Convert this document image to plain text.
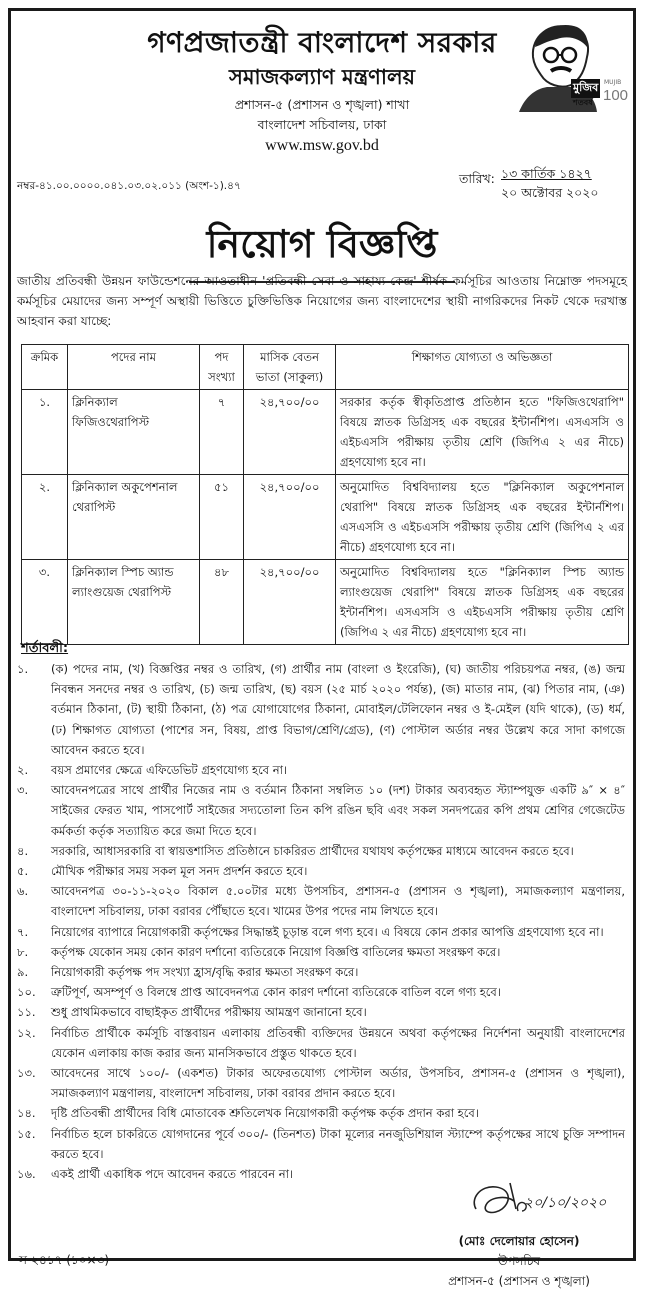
গণপ্রজাতন্ত্রী বাংলাদেশ সরকার
সমাজকল্যাণ মন্ত্রণালয়
প্রশাসন-৫ (প্রশাসন ও শৃঙ্খলা) শাখা
বাংলাদেশ সচিবালয়, ঢাকা
www.msw.gov.bd
মুজিব
শতবর্ষ
MUJIB
100
নম্বর-৪১.০০.০০০০.০৪১.০৩.০২.০১১ (অংশ-১).৪৭	তারিখ: ১৩ কার্তিক ১৪২৭
২০ অক্টোবর ২০২০
নিয়োগ বিজ্ঞপ্তি
জাতীয় প্রতিবন্ধী উন্নয়ন ফাউন্ডেশনের আওতাধীন 'প্রতিবন্ধী সেবা ও সাহায্য কেন্দ্র' শীর্ষক কর্মসূচির আওতায় নিম্নোক্ত পদসমূহে কর্মসূচির মেয়াদের জন্য সম্পূর্ণ অস্থায়ী ভিত্তিতে চুক্তিভিত্তিক নিয়োগের জন্য বাংলাদেশের স্থায়ী নাগরিকদের নিকট থেকে দরখাস্ত আহবান করা যাচ্ছে:
ক্রমিক	পদের নাম	পদ সংখ্যা	মাসিক বেতন ভাতা (সাকুল্য)	শিক্ষাগত যোগ্যতা ও অভিজ্ঞতা
১.	ক্লিনিক্যাল ফিজিওথেরাপিস্ট	৭	২৪,৭০০/০০	সরকার কর্তৃক স্বীকৃতিপ্রাপ্ত প্রতিষ্ঠান হতে "ফিজিওথেরাপি" বিষয়ে স্নাতক ডিগ্রিসহ এক বছরের ইন্টার্নশিপ। এসএসসি ও এইচএসসি পরীক্ষায় তৃতীয় শ্রেণি (জিপিএ ২ এর নীচে) গ্রহণযোগ্য হবে না।
২.	ক্লিনিক্যাল অকুপেশনাল থেরাপিস্ট	৫১	২৪,৭০০/০০	অনুমোদিত বিশ্ববিদ্যালয় হতে "ক্লিনিক্যাল অকুপেশনাল থেরাপি" বিষয়ে স্নাতক ডিগ্রিসহ এক বছরের ইন্টার্নশিপ। এসএসসি ও এইচএসসি পরীক্ষায় তৃতীয় শ্রেণি (জিপিএ ২ এর নীচে) গ্রহণযোগ্য হবে না।
৩.	ক্লিনিক্যাল স্পিচ অ্যান্ড ল্যাংগুয়েজ থেরাপিস্ট	৪৮	২৪,৭০০/০০	অনুমোদিত বিশ্ববিদ্যালয় হতে "ক্লিনিক্যাল স্পিচ অ্যান্ড ল্যাংগুয়েজ থেরাপি" বিষয়ে স্নাতক ডিগ্রিসহ এক বছরের ইন্টার্নশিপ। এসএসসি ও এইচএসসি পরীক্ষায় তৃতীয় শ্রেণি (জিপিএ ২ এর নীচে) গ্রহণযোগ্য হবে না।
শর্তাবলী:
১.	(ক) পদের নাম, (খ) বিজ্ঞপ্তির নম্বর ও তারিখ, (গ) প্রার্থীর নাম (বাংলা ও ইংরেজি), (ঘ) জাতীয় পরিচয়পত্র নম্বর, (ঙ) জন্ম নিবন্ধন সনদের নম্বর ও তারিখ, (চ) জন্ম তারিখ, (ছ) বয়স (২৫ মার্চ ২০২০ পর্যন্ত), (জ) মাতার নাম, (ঝ) পিতার নাম, (ঞ) বর্তমান ঠিকানা, (ট) স্থায়ী ঠিকানা, (ঠ) পত্র যোগাযোগের ঠিকানা, মোবাইল/টেলিফোন নম্বর ও ই-মেইল (যদি থাকে), (ড) ধর্ম, (ঢ) শিক্ষাগত যোগ্যতা (পাশের সন, বিষয়, প্রাপ্ত বিভাগ/শ্রেণি/গ্রেড), (ণ) পোস্টাল অর্ডার নম্বর উল্লেখ করে সাদা কাগজে আবেদন করতে হবে।
২.	বয়স প্রমাণের ক্ষেত্রে এফিডেভিট গ্রহণযোগ্য হবে না।
৩.	আবেদনপত্রের সাথে প্রার্থীর নিজের নাম ও বর্তমান ঠিকানা সম্বলিত ১০ (দশ) টাকার অব্যবহৃত স্ট্যাম্পযুক্ত একটি ৯″ × ৪″ সাইজের ফেরত খাম, পাসপোর্ট সাইজের সদ্যতোলা তিন কপি রঙিন ছবি এবং সকল সনদপত্রের কপি প্রথম শ্রেণির গেজেটেড কর্মকর্তা কর্তৃক সত্যায়িত করে জমা দিতে হবে।
৪.	সরকারি, আধাসরকারি বা স্বায়ত্তশাসিত প্রতিষ্ঠানে চাকরিরত প্রার্থীদের যথাযথ কর্তৃপক্ষের মাধ্যমে আবেদন করতে হবে।
৫.	মৌখিক পরীক্ষার সময় সকল মূল সনদ প্রদর্শন করতে হবে।
৬.	আবেদনপত্র ৩০-১১-২০২০ বিকাল ৫.০০টার মধ্যে উপসচিব, প্রশাসন-৫ (প্রশাসন ও শৃঙ্খলা), সমাজকল্যাণ মন্ত্রণালয়, বাংলাদেশ সচিবালয়, ঢাকা বরাবর পৌঁছাতে হবে। খামের উপর পদের নাম লিখতে হবে।
৭.	নিয়োগের ব্যাপারে নিয়োগকারী কর্তৃপক্ষের সিদ্ধান্তই চূড়ান্ত বলে গণ্য হবে। এ বিষয়ে কোন প্রকার আপত্তি গ্রহণযোগ্য হবে না।
৮.	কর্তৃপক্ষ যেকোন সময় কোন কারণ দর্শানো ব্যতিরেকে নিয়োগ বিজ্ঞপ্তি বাতিলের ক্ষমতা সংরক্ষণ করে।
৯.	নিয়োগকারী কর্তৃপক্ষ পদ সংখ্যা হ্রাস/বৃদ্ধি করার ক্ষমতা সংরক্ষণ করে।
১০.	ত্রুটিপূর্ণ, অসম্পূর্ণ ও বিলম্বে প্রাপ্ত আবেদনপত্র কোন কারণ দর্শানো ব্যতিরেকে বাতিল বলে গণ্য হবে।
১১.	শুধু প্রাথমিকভাবে বাছাইকৃত প্রার্থীদের পরীক্ষায় আমন্ত্রণ জানানো হবে।
১২.	নির্বাচিত প্রার্থীকে কর্মসূচি বাস্তবায়ন এলাকায় প্রতিবন্ধী ব্যক্তিদের উন্নয়নে অথবা কর্তৃপক্ষের নির্দেশনা অনুযায়ী বাংলাদেশের যেকোন এলাকায় কাজ করার জন্য মানসিকভাবে প্রস্তুত থাকতে হবে।
১৩.	আবেদনের সাথে ১০০/- (একশত) টাকার অফেরতযোগ্য পোস্টাল অর্ডার, উপসচিব, প্রশাসন-৫ (প্রশাসন ও শৃঙ্খলা), সমাজকল্যাণ মন্ত্রণালয়, বাংলাদেশ সচিবালয়, ঢাকা বরাবর প্রদান করতে হবে।
১৪.	দৃষ্টি প্রতিবন্ধী প্রার্থীদের বিধি মোতাবেক শ্রুতিলেখক নিয়োগকারী কর্তৃপক্ষ কর্তৃক প্রদান করা হবে।
১৫.	নির্বাচিত হলে চাকরিতে যোগদানের পূর্বে ৩০০/- (তিনশত) টাকা মূল্যের ননজুডিশিয়াল স্ট্যাম্পে কর্তৃপক্ষের সাথে চুক্তি সম্পাদন করতে হবে।
১৬.	একই প্রার্থী একাধিক পদে আবেদন করতে পারবেন না।
২০/১০/২০২০
(মোঃ দেলোয়ার হোসেন)
উপসচিব
প্রশাসন-৫ (প্রশাসন ও শৃঙ্খলা)
স-২৪১৭ (১০×৩)
